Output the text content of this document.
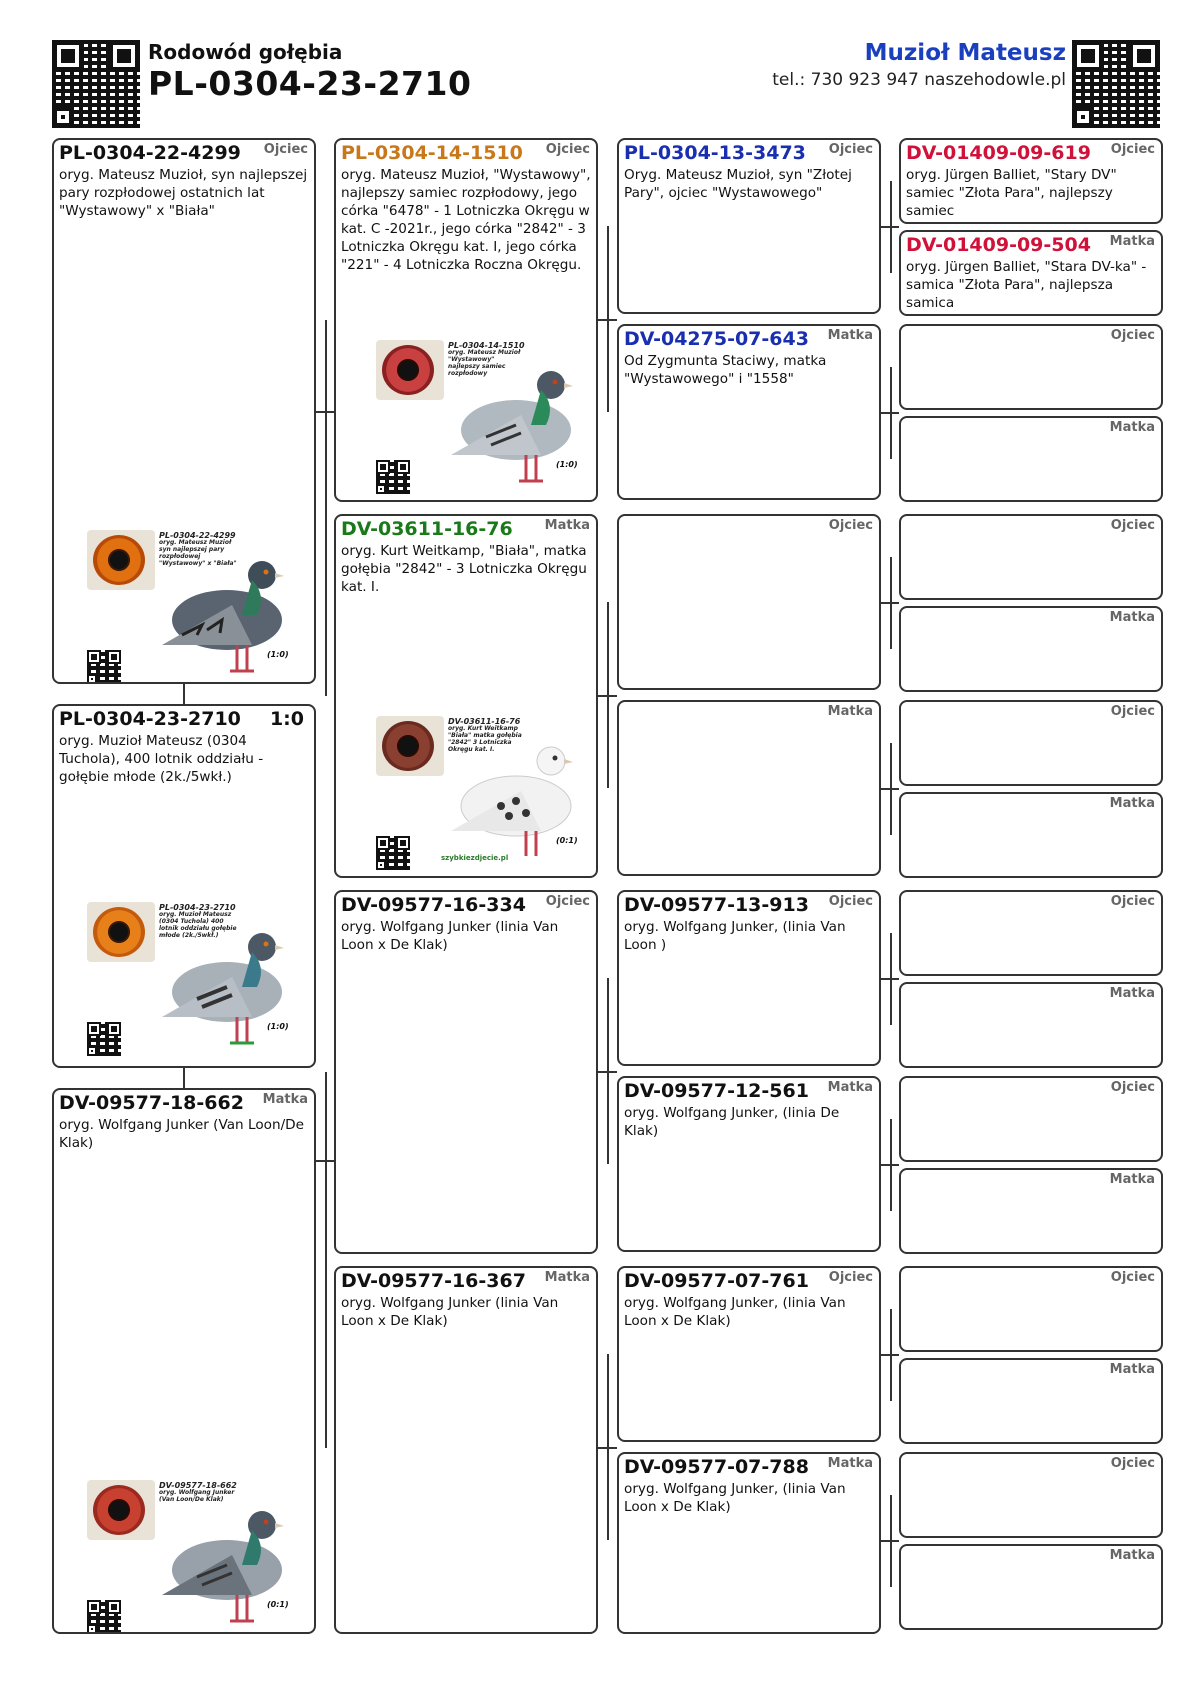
Rodowód gołębia
PL-0304-23-2710
Muzioł Mateusz
tel.: 730 923 947 naszehodowle.pl
PL-0304-22-4299	Ojciec
oryg. Mateusz Muzioł, syn najlepszej pary rozpłodowej ostatnich lat "Wystawowy" x "Biała"
PL-0304-22-4299
oryg. Mateusz Muzioł syn najlepszej pary rozpłodowej "Wystawowy" x "Biała"
(1:0)
PL-0304-23-2710	1:0
oryg. Muzioł Mateusz (0304 Tuchola), 400 lotnik oddziału - gołębie młode (2k./5wkł.)
PL-0304-23-2710
oryg. Muzioł Mateusz (0304 Tuchola) 400 lotnik oddziału gołębie młode (2k./5wkł.)
(1:0)
DV-09577-18-662	Matka
oryg. Wolfgang Junker (Van Loon/De Klak)
DV-09577-18-662
oryg. Wolfgang Junker (Van Loon/De Klak)
(0:1)
PL-0304-14-1510	Ojciec
oryg. Mateusz Muzioł, "Wystawowy", najlepszy samiec rozpłodowy, jego córka "6478" - 1 Lotniczka Okręgu w kat. C -2021r., jego córka "2842" - 3 Lotniczka Okręgu kat. I, jego córka "221" - 4 Lotniczka Roczna Okręgu.
PL-0304-14-1510
oryg. Mateusz Muzioł "Wystawowy" najlepszy samiec rozpłodowy
(1:0)
DV-03611-16-76	Matka
oryg. Kurt Weitkamp, "Biała", matka gołębia "2842" - 3 Lotniczka Okręgu kat. I.
DV-03611-16-76
oryg. Kurt Weitkamp "Biała" matka gołębia "2842" 3 Lotniczka Okręgu kat. I.
(0:1)
szybkiezdjecie.pl
DV-09577-16-334	Ojciec
oryg. Wolfgang Junker (linia Van Loon x De Klak)
DV-09577-16-367	Matka
oryg. Wolfgang Junker (linia Van Loon x De Klak)
PL-0304-13-3473	Ojciec
Oryg. Mateusz Muzioł, syn "Złotej Pary", ojciec "Wystawowego"
DV-04275-07-643	Matka
Od Zygmunta Staciwy, matka "Wystawowego" i "1558"
Ojciec
Matka
DV-09577-13-913	Ojciec
oryg. Wolfgang Junker, (linia Van Loon )
DV-09577-12-561	Matka
oryg. Wolfgang Junker, (linia De Klak)
DV-09577-07-761	Ojciec
oryg. Wolfgang Junker, (linia Van Loon x De Klak)
DV-09577-07-788	Matka
oryg. Wolfgang Junker, (linia Van Loon x De Klak)
DV-01409-09-619	Ojciec
oryg. Jürgen Balliet, "Stary DV" samiec "Złota Para", najlepszy samiec
DV-01409-09-504	Matka
oryg. Jürgen Balliet, "Stara DV-ka" - samica "Złota Para", najlepsza samica
Ojciec
Matka
Ojciec
Matka
Ojciec
Matka
Ojciec
Matka
Ojciec
Matka
Ojciec
Matka
Ojciec
Matka
